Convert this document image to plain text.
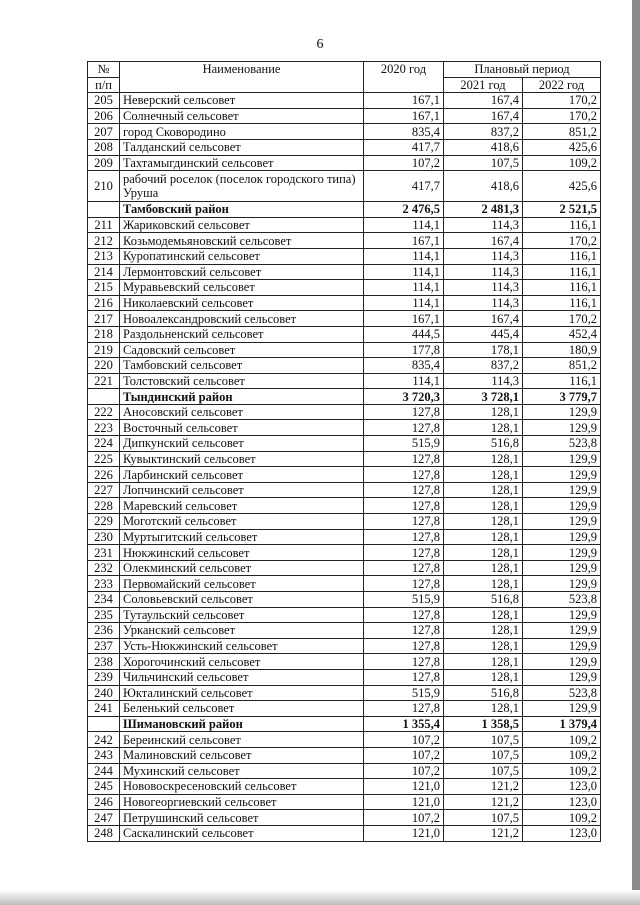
6
№	Наименование	2020 год	Плановый период	
п/п			2021 год	2022 год
205	Неверский сельсовет	167,1	167,4	170,2
206	Солнечный сельсовет	167,1	167,4	170,2
207	город Сковородино	835,4	837,2	851,2
208	Талданский сельсовет	417,7	418,6	425,6
209	Тахтамыгдинский сельсовет	107,2	107,5	109,2
210	рабочий роселок (поселок городского типа) Уруша	417,7	418,6	425,6
	Тамбовский район	2 476,5	2 481,3	2 521,5
211	Жариковский сельсовет	114,1	114,3	116,1
212	Козьмодемьяновский сельсовет	167,1	167,4	170,2
213	Куропатинский сельсовет	114,1	114,3	116,1
214	Лермонтовский сельсовет	114,1	114,3	116,1
215	Муравьевский сельсовет	114,1	114,3	116,1
216	Николаевский сельсовет	114,1	114,3	116,1
217	Новоалександровский сельсовет	167,1	167,4	170,2
218	Раздольненский сельсовет	444,5	445,4	452,4
219	Садовский сельсовет	177,8	178,1	180,9
220	Тамбовский сельсовет	835,4	837,2	851,2
221	Толстовский сельсовет	114,1	114,3	116,1
	Тындинский район	3 720,3	3 728,1	3 779,7
222	Аносовский сельсовет	127,8	128,1	129,9
223	Восточный сельсовет	127,8	128,1	129,9
224	Дипкунский сельсовет	515,9	516,8	523,8
225	Кувыктинский сельсовет	127,8	128,1	129,9
226	Ларбинский сельсовет	127,8	128,1	129,9
227	Лопчинский сельсовет	127,8	128,1	129,9
228	Маревский сельсовет	127,8	128,1	129,9
229	Моготский сельсовет	127,8	128,1	129,9
230	Муртыгитский сельсовет	127,8	128,1	129,9
231	Нюкжинский сельсовет	127,8	128,1	129,9
232	Олекминский сельсовет	127,8	128,1	129,9
233	Первомайский сельсовет	127,8	128,1	129,9
234	Соловьевский сельсовет	515,9	516,8	523,8
235	Тутаульский сельсовет	127,8	128,1	129,9
236	Урканский сельсовет	127,8	128,1	129,9
237	Усть-Нюкжинский сельсовет	127,8	128,1	129,9
238	Хорогочинский сельсовет	127,8	128,1	129,9
239	Чильчинский сельсовет	127,8	128,1	129,9
240	Юкталинский сельсовет	515,9	516,8	523,8
241	Беленький сельсовет	127,8	128,1	129,9
	Шимановский район	1 355,4	1 358,5	1 379,4
242	Береинский сельсовет	107,2	107,5	109,2
243	Малиновский сельсовет	107,2	107,5	109,2
244	Мухинский сельсовет	107,2	107,5	109,2
245	Нововоскресеновский сельсовет	121,0	121,2	123,0
246	Новогеоргиевский сельсовет	121,0	121,2	123,0
247	Петрушинский сельсовет	107,2	107,5	109,2
248	Саскалинский сельсовет	121,0	121,2	123,0
